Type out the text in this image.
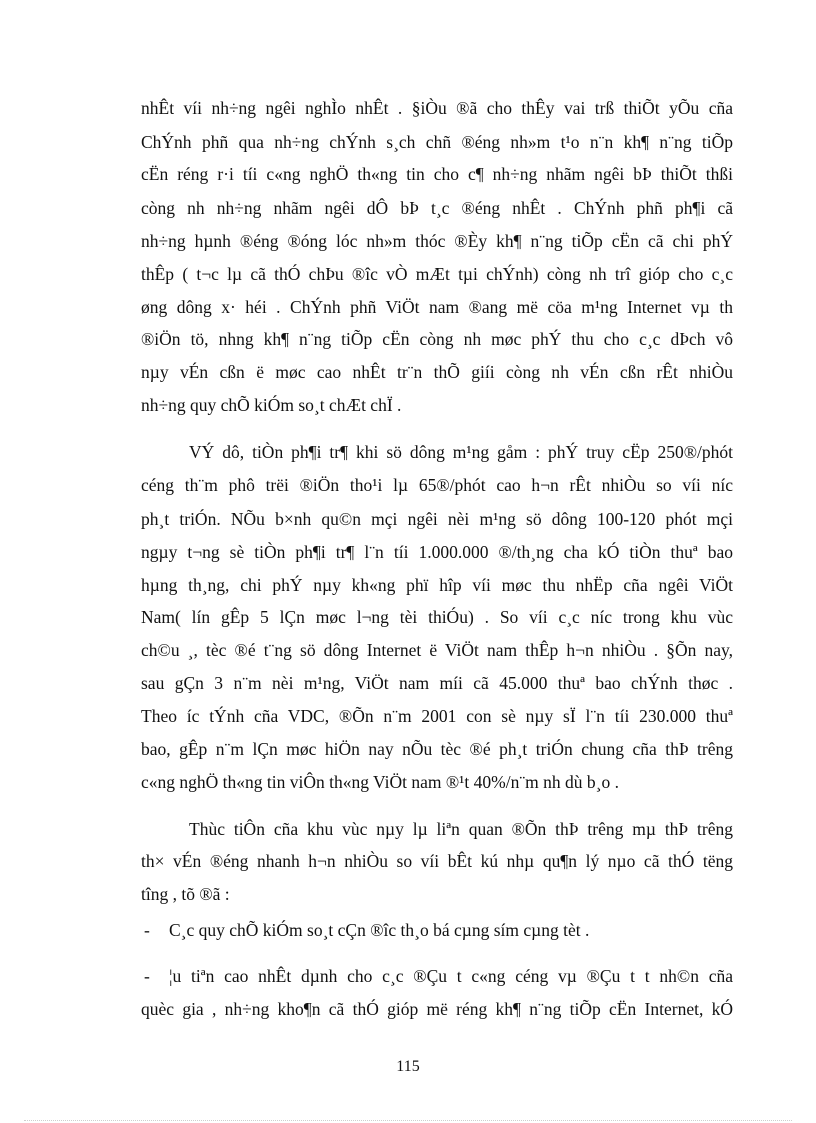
nhÊt víi nh÷ng ngêi nghÌo nhÊt . §iÒu ®ã cho thÊy vai trß thiÕt yÕu cña
ChÝnh phñ qua nh÷ng chÝnh s¸ch chñ ®éng nh»m t¹o n¨n kh¶ n¨ng tiÕp
cËn réng r·i tíi c«ng nghÖ th«ng tin cho c¶ nh÷ng nhãm ngêi bÞ thiÕt thßi
còng nh nh÷ng nhãm ngêi dÔ bÞ t¸c ®éng nhÊt . ChÝnh phñ ph¶i cã
nh÷ng hµnh ®éng ®óng lóc nh»m thóc ®Èy kh¶ n¨ng tiÕp cËn cã chi phÝ
thÊp ( t¬c lµ cã thÓ chÞu ®îc vÒ mÆt tµi chÝnh) còng nh trî gióp cho c¸c
øng dông x· héi . ChÝnh phñ ViÖt nam ®ang më cöa m¹ng Internet vµ th
®iÖn tö, nhng kh¶ n¨ng tiÕp cËn còng nh møc phÝ thu cho c¸c dÞch vô
nµy vÉn cßn ë møc cao nhÊt tr¨n thÕ giíi còng nh vÉn cßn rÊt nhiÒu
nh÷ng quy chÕ kiÓm so¸t chÆt chÏ .
VÝ dô, tiÒn ph¶i tr¶ khi sö dông m¹ng gåm : phÝ truy cËp 250®/phót
céng th¨m phô trëi ®iÖn tho¹i lµ 65®/phót cao h¬n rÊt nhiÒu so víi níc
ph¸t triÓn. NÕu b×nh qu©n mçi ngêi nèi m¹ng sö dông 100-120 phót mçi
ngµy t¬ng sè tiÒn ph¶i tr¶ l¨n tíi 1.000.000 ®/th¸ng cha kÓ tiÒn thuª bao
hµng th¸ng, chi phÝ nµy kh«ng phï hîp víi møc thu nhËp cña ngêi ViÖt
Nam( lín gÊp 5 lÇn møc l¬ng tèi thiÓu) . So víi c¸c níc trong khu vùc
ch©u ¸, tèc ®é t¨ng sö dông Internet ë ViÖt nam thÊp h¬n nhiÒu . §Õn nay,
sau gÇn 3 n¨m nèi m¹ng, ViÖt nam míi cã 45.000 thuª bao chÝnh thøc .
Theo íc tÝnh cña VDC, ®Õn n¨m 2001 con sè nµy sÏ l¨n tíi 230.000 thuª
bao, gÊp n¨m lÇn møc hiÖn nay nÕu tèc ®é ph¸t triÓn chung cña thÞ trêng
c«ng nghÖ th«ng tin viÔn th«ng ViÖt nam ®¹t 40%/n¨m nh dù b¸o .
Thùc tiÔn cña khu vùc nµy lµ liªn quan ®Õn thÞ trêng mµ thÞ trêng
th× vÉn ®éng nhanh h¬n nhiÒu so víi bÊt kú nhµ qu¶n lý nµo cã thÓ tëng
tîng , tõ ®ã :
- C¸c quy chÕ kiÓm so¸t cÇn ®îc th¸o bá cµng sím cµng tèt .
- ¦u tiªn cao nhÊt dµnh cho c¸c ®Çu t c«ng céng vµ ®Çu t t nh©n cña
quèc gia , nh÷ng kho¶n cã thÓ gióp më réng kh¶ n¨ng tiÕp cËn Internet, kÓ
115
